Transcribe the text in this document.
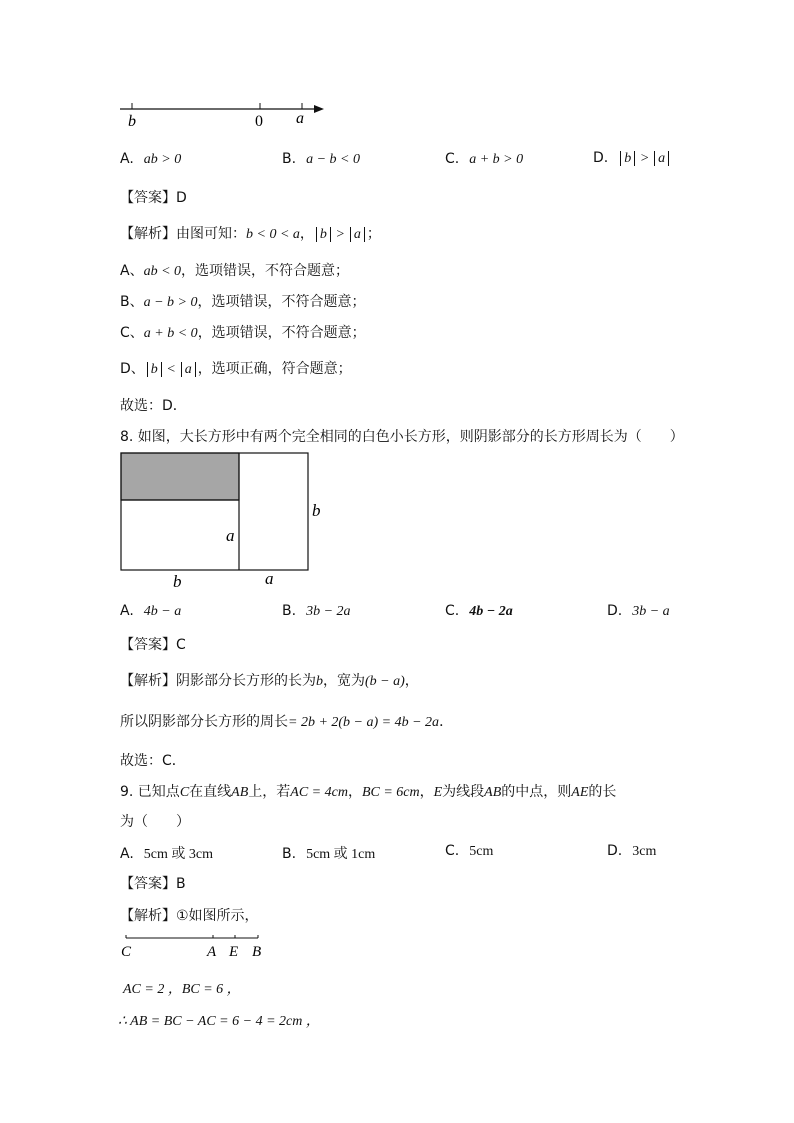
b	0 a
A. ab > 0	B. a − b < 0	C. a + b > 0	D. b > a
【答案】 D
【解析】 由图可知： b < 0 < a ， b > a ；
A、 ab < 0 ，选项错误，不符合题意；
B、 a − b > 0 ，选项错误，不符合题意；
C、 a + b < 0 ，选项错误，不符合题意；
D、 b < a ，选项正确，符合题意；
故选：D．
8. 如图，大长方形中有两个完全相同的白色小长方形，则阴影部分的长方形周长为（　　）
b
a
b	a
A. 4b − a	B. 3b − 2a	C. 4b − 2a	D. 3b − a
【答案】 C
【解析】 阴影部分长方形的长为 b ，宽为 (b − a) ，
所以阴影部分长方形的周长 = 2b + 2(b − a) = 4b − 2a ．
故选：C．
9. 已知点 C 在直线 AB 上，若 AC = 4cm ， BC = 6cm ， E 为线段 AB 的中点，则 AE 的长
为（　　）
A. 5cm 或 3cm	B. 5cm 或 1cm	C. 5cm	D. 3cm
【答案】 B
【解析】 ①如图所示，
C	A E B
AC = 2 ，BC = 6 ，
∴ AB = BC − AC = 6 − 4 = 2cm ，
